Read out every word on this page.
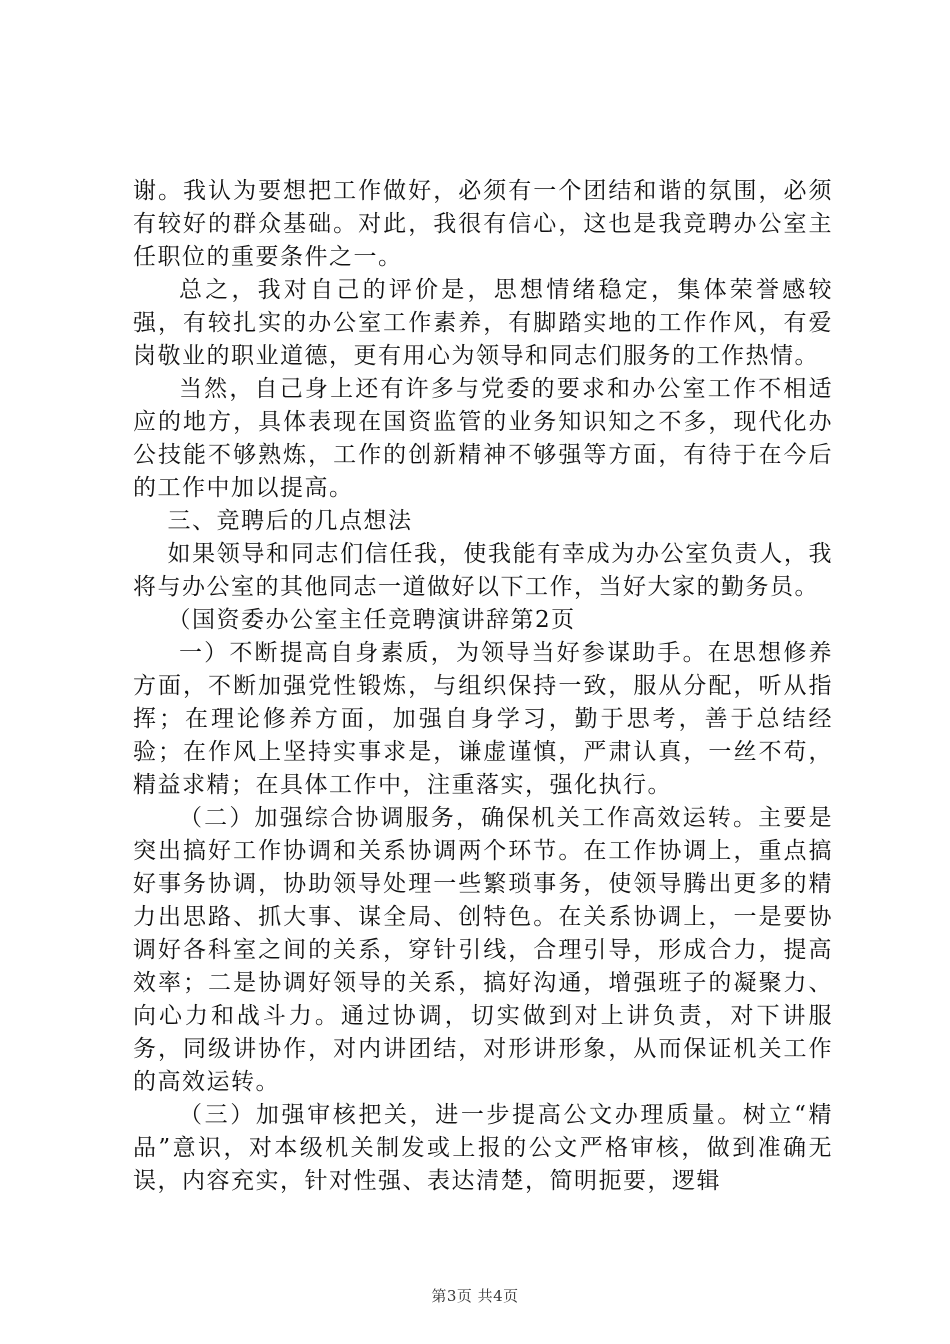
谢。我认为要想把工作做好，必须有一个团结和谐的氛围，必须有较好的群众基础。对此，我很有信心，这也是我竞聘办公室主任职位的重要条件之一。

总之，我对自己的评价是，思想情绪稳定，集体荣誉感较强，有较扎实的办公室工作素养，有脚踏实地的工作作风，有爱岗敬业的职业道德，更有用心为领导和同志们服务的工作热情。

当然，自己身上还有许多与党委的要求和办公室工作不相适应的地方，具体表现在国资监管的业务知识知之不多，现代化办公技能不够熟炼，工作的创新精神不够强等方面，有待于在今后的工作中加以提高。

三、竞聘后的几点想法

如果领导和同志们信任我，使我能有幸成为办公室负责人，我将与办公室的其他同志一道做好以下工作，当好大家的勤务员。

（国资委办公室主任竞聘演讲辞第2页

一）不断提高自身素质，为领导当好参谋助手。在思想修养方面，不断加强党性锻炼，与组织保持一致，服从分配，听从指挥；在理论修养方面，加强自身学习，勤于思考，善于总结经验；在作风上坚持实事求是，谦虚谨慎，严肃认真，一丝不苟，精益求精；在具体工作中，注重落实，强化执行。

（二）加强综合协调服务，确保机关工作高效运转。主要是突出搞好工作协调和关系协调两个环节。在工作协调上，重点搞好事务协调，协助领导处理一些繁琐事务，使领导腾出更多的精力出思路、抓大事、谋全局、创特色。在关系协调上，一是要协调好各科室之间的关系，穿针引线，合理引导，形成合力，提高效率；二是协调好领导的关系，搞好沟通，增强班子的凝聚力、向心力和战斗力。通过协调，切实做到对上讲负责，对下讲服务，同级讲协作，对内讲团结，对形讲形象，从而保证机关工作的高效运转。

（三）加强审核把关，进一步提高公文办理质量。树立“精品”意识，对本级机关制发或上报的公文严格审核，做到准确无误，内容充实，针对性强、表达清楚，简明扼要，逻辑

第3页 共4页
